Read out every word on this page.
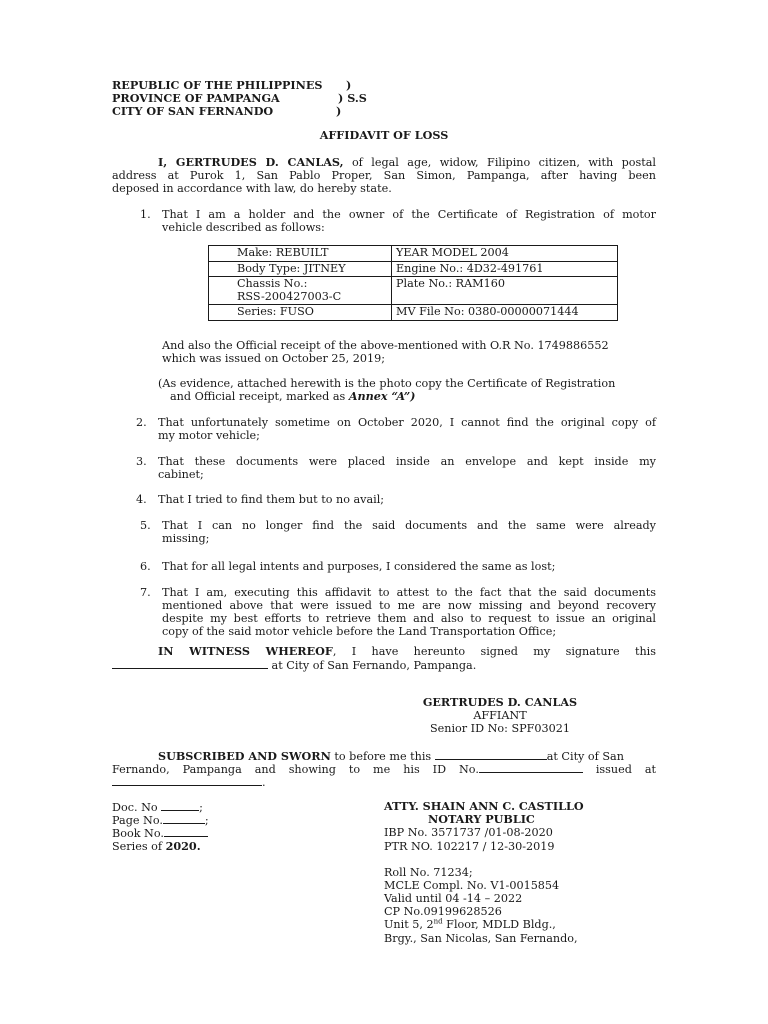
REPUBLIC OF THE PHILIPPINES )
PROVINCE OF PAMPANGA	) S.S
CITY OF SAN FERNANDO	)
AFFIDAVIT OF LOSS
I, GERTRUDES D. CANLAS, of legal age, widow, Filipino citizen, with postal
address at Purok 1, San Pablo Proper, San Simon, Pampanga, after having been
deposed in accordance with law, do hereby state.
1. That I am a holder and the owner of the Certificate of Registration of motor
vehicle described as follows:
Make: REBUILT	YEAR MODEL 2004
Body Type: JITNEY	Engine No.: 4D32-491761

Chassis No.:
RSS-200427003-C	Plate No.: RAM160
Series: FUSO	MV File No: 0380-00000071444
And also the Official receipt of the above-mentioned with O.R No. 1749886552
which was issued on October 25, 2019;
(As evidence, attached herewith is the photo copy the Certificate of Registration
and Official receipt, marked as Annex “A”)
2. That unfortunately sometime on October 2020, I cannot find the original copy of
my motor vehicle;
3. That these documents were placed inside an envelope and kept inside my
cabinet;
4. That I tried to find them but to no avail;
5. That I can no longer find the said documents and the same were already
missing;
6. That for all legal intents and purposes, I considered the same as lost;
7. That I am, executing this affidavit to attest to the fact that the said documents
mentioned above that were issued to me are now missing and beyond recovery
despite my best efforts to retrieve them and also to request to issue an original
copy of the said motor vehicle before the Land Transportation Office;
IN WITNESS WHEREOF, I have hereunto signed my signature this
at City of San Fernando, Pampanga.
GERTRUDES D. CANLAS
AFFIANT
Senior ID No: SPF03021
SUBSCRIBED AND SWORN to before me this	at City of San
Fernando, Pampanga and showing to me his ID No.	issued at
.
Doc. No	;
Page No.	;
Book No.
Series of 2020.
ATTY. SHAIN ANN C. CASTILLO
NOTARY PUBLIC
IBP No. 3571737 /01-08-2020
PTR NO. 102217 / 12-30-2019
Roll No. 71234;
MCLE Compl. No. V1-0015854
Valid until 04 -14 – 2022
CP No.09199628526
Unit 5, 2nd Floor, MDLD Bldg.,
Brgy., San Nicolas, San Fernando,
